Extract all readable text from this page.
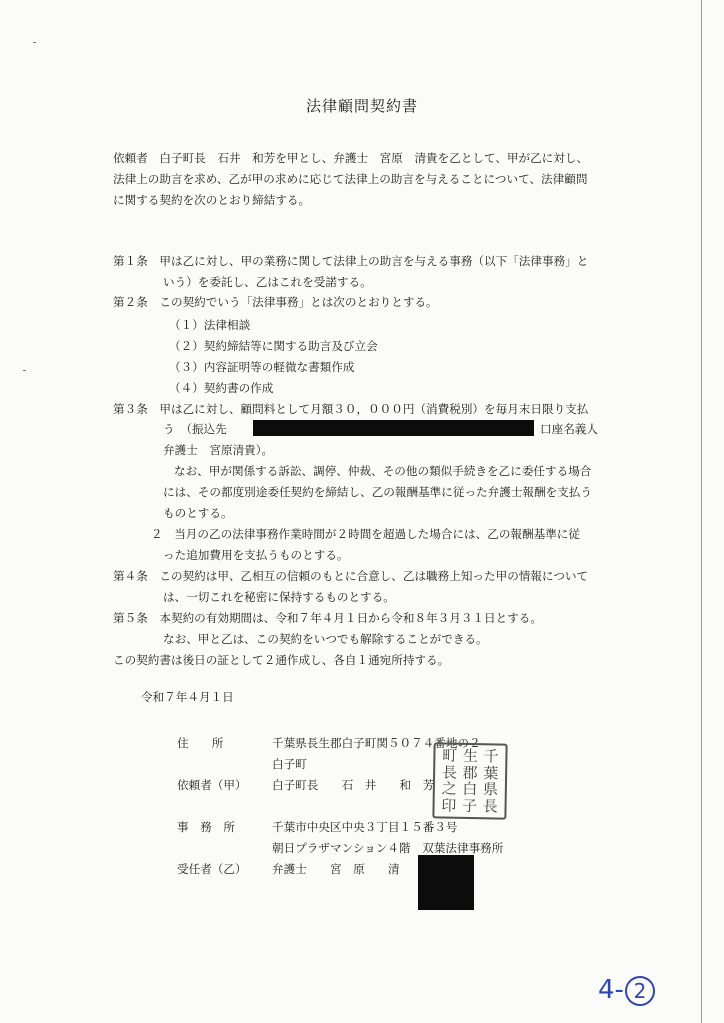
法律顧問契約書
依頼者　白子町長　石井　和芳を甲とし、弁護士　宮原　清貴を乙として、甲が乙に対し、
法律上の助言を求め、乙が甲の求めに応じて法律上の助言を与えることについて、法律顧問
に関する契約を次のとおり締結する。
第１条　甲は乙に対し、甲の業務に関して法律上の助言を与える事務（以下「法律事務」と
いう）を委託し、乙はこれを受諾する。
第２条　この契約でいう「法律事務」とは次のとおりとする。
（１）法律相談
（２）契約締結等に関する助言及び立会
（３）内容証明等の軽微な書類作成
（４）契約書の作成
第３条　甲は乙に対し、顧問料として月額３０，０００円（消費税別）を毎月末日限り支払
う　（振込先	口座名義人
弁護士　宮原清貴）。
なお、甲が関係する訴訟、調停、仲裁、その他の類似手続きを乙に委任する場合
には、その都度別途委任契約を締結し、乙の報酬基準に従った弁護士報酬を支払う
ものとする。
２　当月の乙の法律事務作業時間が２時間を超過した場合には、乙の報酬基準に従
った追加費用を支払うものとする。
第４条　この契約は甲、乙相互の信頼のもとに合意し、乙は職務上知った甲の情報について
は、一切これを秘密に保持するものとする。
第５条　本契約の有効期間は、令和７年４月１日から令和８年３月３１日とする。
なお、甲と乙は、この契約をいつでも解除することができる。
この契約書は後日の証として２通作成し、各自１通宛所持する。
令和７年４月１日
住　　所	千葉県長生郡白子町関５０７４番地の２
白子町
依頼者（甲） 白子町長　　石　井　　和　芳
町 生 千
長 郡 葉
之 白 県
印 子 長
事　務　所	千葉市中央区中央３丁目１５番３号
朝日プラザマンション４階　双葉法律事務所
受任者（乙） 弁護士　　宮　原　　清
4- 2
